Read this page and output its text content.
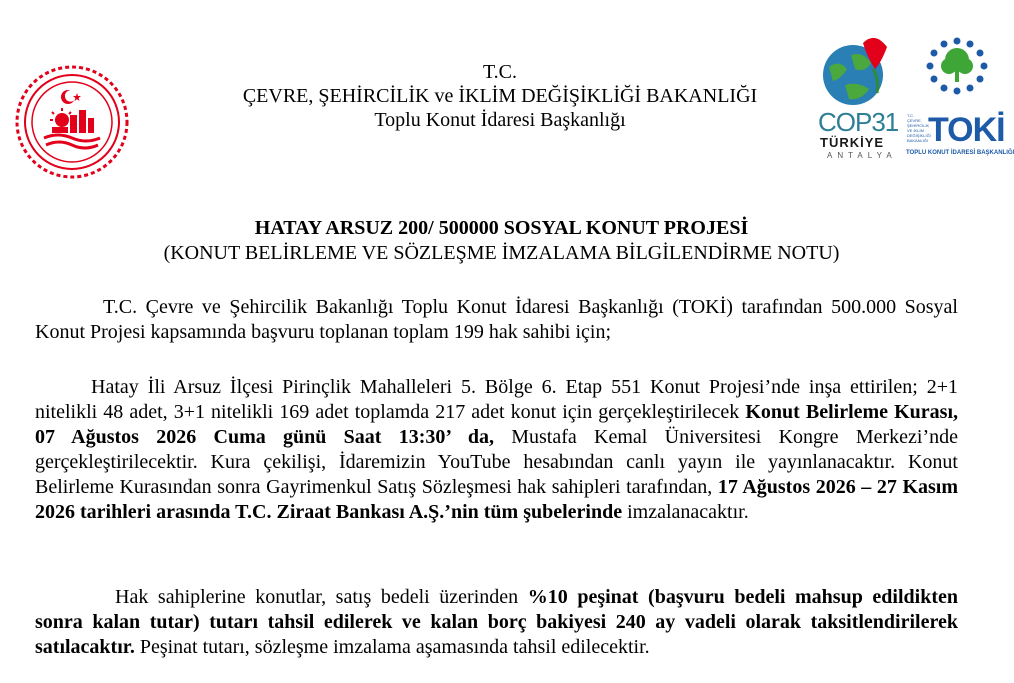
T.C.
ÇEVRE, ŞEHİRCİLİK ve İKLİM DEĞİŞİKLİĞİ BAKANLIĞI
Toplu Konut İdaresi Başkanlığı	COP31
TÜRKİYE
ANTALYA
T.C. ÇEVRE, ŞEHİRCİLİK VE İKLİM DEĞİŞİKLİĞİ BAKANLIĞI TOKİ
TOPLU KONUT İDARESİ BAŞKANLIĞI
HATAY ARSUZ 200/ 500000 SOSYAL KONUT PROJESİ
(KONUT BELİRLEME VE SÖZLEŞME İMZALAMA BİLGİLENDİRME NOTU)
T.C. Çevre ve Şehircilik Bakanlığı Toplu Konut İdaresi Başkanlığı (TOKİ) tarafından 500.000 Sosyal Konut Projesi kapsamında başvuru toplanan toplam 199 hak sahibi için;
Hatay İli Arsuz İlçesi Pirinçlik Mahalleleri 5. Bölge 6. Etap 551 Konut Projesi’nde inşa ettirilen; 2+1 nitelikli 48 adet, 3+1 nitelikli 169 adet toplamda 217 adet konut için gerçekleştirilecek Konut Belirleme Kurası, 07 Ağustos 2026 Cuma günü Saat 13:30’ da, Mustafa Kemal Üniversitesi Kongre Merkezi’nde gerçekleştirilecektir. Kura çekilişi, İdaremizin YouTube hesabından canlı yayın ile yayınlanacaktır. Konut Belirleme Kurasından sonra Gayrimenkul Satış Sözleşmesi hak sahipleri tarafından, 17 Ağustos 2026 – 27 Kasım 2026 tarihleri arasında T.C. Ziraat Bankası A.Ş.’nin tüm şubelerinde imzalanacaktır.
Hak sahiplerine konutlar, satış bedeli üzerinden %10 peşinat (başvuru bedeli mahsup edildikten sonra kalan tutar) tutarı tahsil edilerek ve kalan borç bakiyesi 240 ay vadeli olarak taksitlendirilerek satılacaktır. Peşinat tutarı, sözleşme imzalama aşamasında tahsil edilecektir.
